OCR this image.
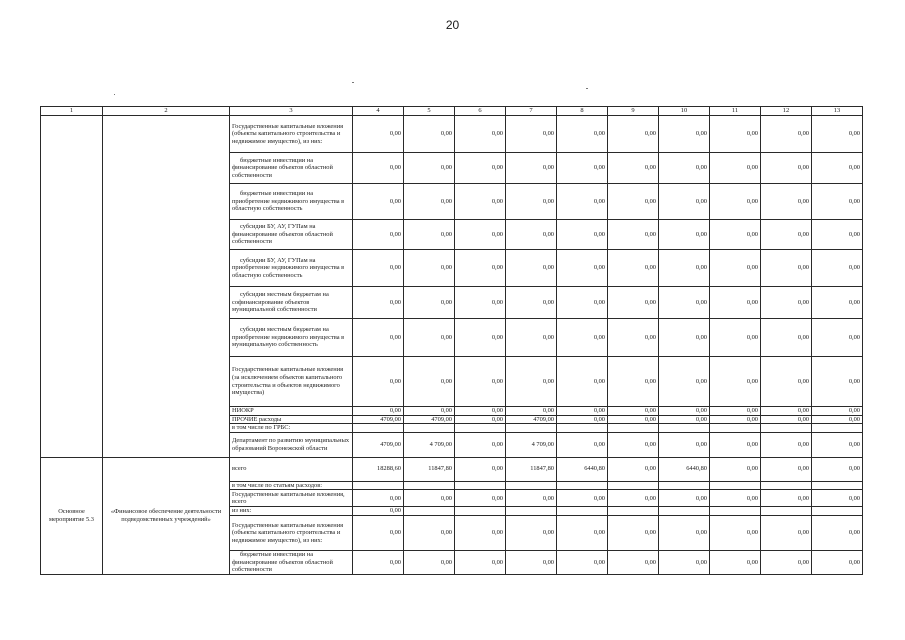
20
1	2	3	4	5	6	7	8	9	10	11	12	13
		Государственные капитальные вложения (объекты капитального строительства и недвижимое имущество), из них:	0,00	0,00	0,00	0,00	0,00	0,00	0,00	0,00	0,00	0,00
		бюджетные инвестиции на финансирование объектов областной собственности	0,00	0,00	0,00	0,00	0,00	0,00	0,00	0,00	0,00	0,00
		бюджетные инвестиции на приобретение недвижимого имущества в областную собственность	0,00	0,00	0,00	0,00	0,00	0,00	0,00	0,00	0,00	0,00
		субсидии БУ, АУ, ГУПам на финансирование объектов областной собственности	0,00	0,00	0,00	0,00	0,00	0,00	0,00	0,00	0,00	0,00
		субсидии БУ, АУ, ГУПам на приобретение недвижимого имущества в областную собственность	0,00	0,00	0,00	0,00	0,00	0,00	0,00	0,00	0,00	0,00
		субсидии местным бюджетам на софинансирование объектов муниципальной собственности	0,00	0,00	0,00	0,00	0,00	0,00	0,00	0,00	0,00	0,00
		субсидии местным бюджетам на приобретение недвижимого имущества в муниципальную собственность	0,00	0,00	0,00	0,00	0,00	0,00	0,00	0,00	0,00	0,00
		Государственные капитальные вложения (за исключением объектов капитального строительства и объектов недвижимого имущества)	0,00	0,00	0,00	0,00	0,00	0,00	0,00	0,00	0,00	0,00
		НИОКР	0,00	0,00	0,00	0,00	0,00	0,00	0,00	0,00	0,00	0,00
		ПРОЧИЕ расходы	4709,00	4709,00	0,00	4709,00	0,00	0,00	0,00	0,00	0,00	0,00
		в том числе по ГРБС:										
		Департамент по развитию муниципальных образований Воронежской области	4709,00	4 709,00	0,00	4 709,00	0,00	0,00	0,00	0,00	0,00	0,00
Основное мероприятие 5.3	«Финансовое обеспечение деятельности подведомственных учреждений»	всего	18288,60	11847,80	0,00	11847,80	6440,80	0,00	6440,80	0,00	0,00	0,00
		в том числе по статьям расходов:										
		Государственные капитальные вложения, всего	0,00	0,00	0,00	0,00	0,00	0,00	0,00	0,00	0,00	0,00
		из них:	0,00									
		Государственные капитальные вложения (объекты капитального строительства и недвижимое имущество), из них:	0,00	0,00	0,00	0,00	0,00	0,00	0,00	0,00	0,00	0,00
		бюджетные инвестиции на финансирование объектов областной собственности	0,00	0,00	0,00	0,00	0,00	0,00	0,00	0,00	0,00	0,00
